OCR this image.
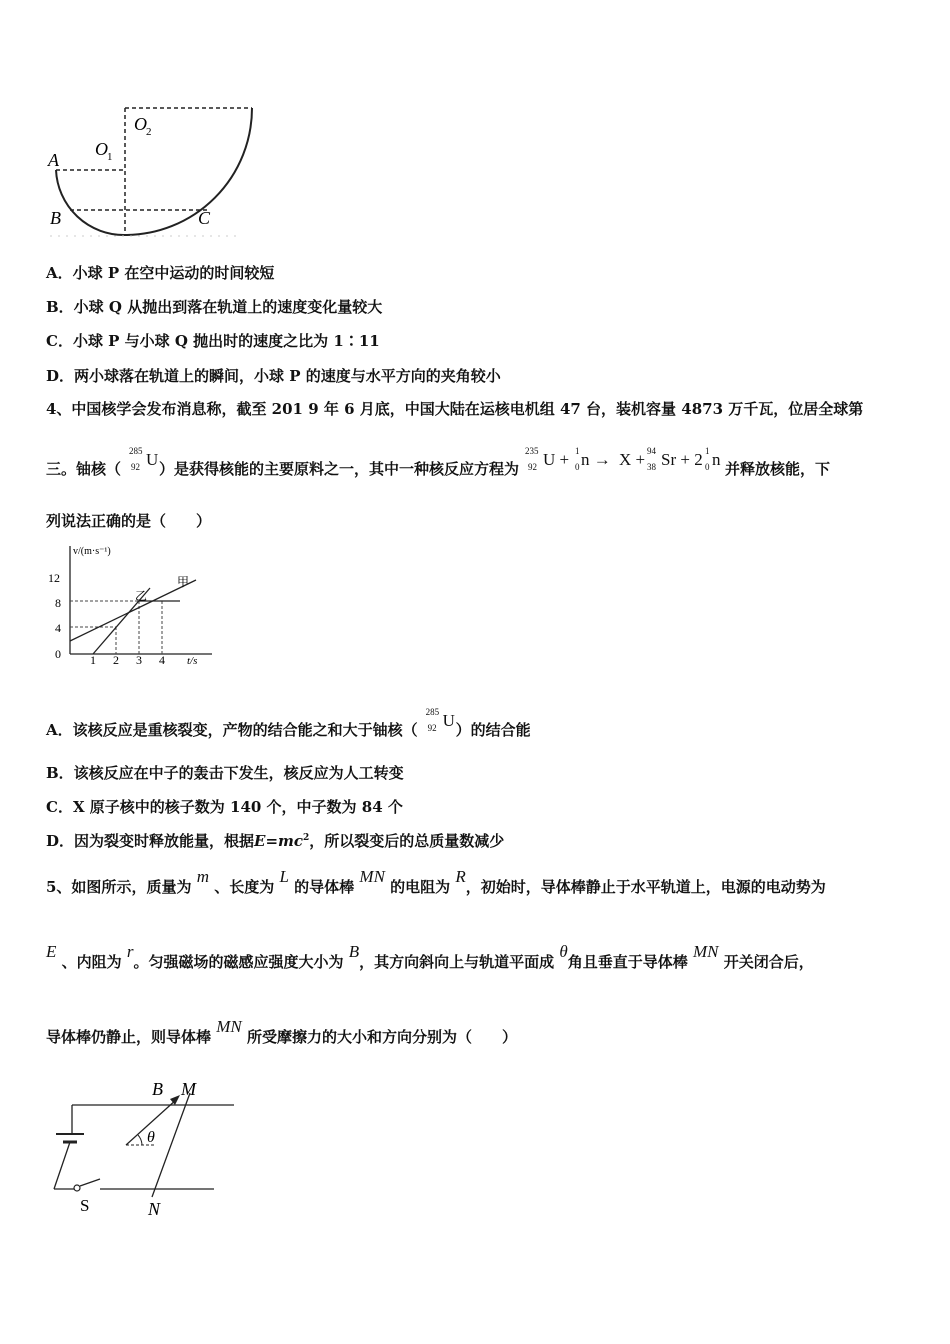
O 2
O 1
A
B	C
A．小球 P 在空中运动的时间较短
B．小球 Q 从抛出到落在轨道上的速度变化量较大
C．小球 P 与小球 Q 抛出时的速度之比为 1∶11
D．两小球落在轨道上的瞬间，小球 P 的速度与水平方向的夹角较小
4、中国核学会发布消息称，截至 201 9 年 6 月底，中国大陆在运核电机组 47 台，装机容量 4873 万千瓦，位居全球第
三。铀核（
285
92 U ）是获得核能的主要原料之一，其中一种核反应方程为
235
92 U + 1
0 n → X + 94
38 Sr + 2 1
0 n 并释放核能，下
列说法正确的是（　　）
v/(m·s⁻¹)
t/s
12
8
4
0 1 2 3 4
甲
乙
A．该核反应是重核裂变，产物的结合能之和大于铀核（
285
92 U ）的结合能
B．该核反应在中子的轰击下发生，核反应为人工转变
C．X 原子核中的核子数为 140 个，中子数为 84 个
D．因为裂变时释放能量，根据$E=mc^2$，所以裂变后的总质量数减少
5、如图所示，质量为 m 、长度为 L 的导体棒 MN 的电阻为 R，初始时，导体棒静止于水平轨道上，电源的电动势为
E 、内阻为 r。匀强磁场的磁感应强度大小为 B，其方向斜向上与轨道平面成 θ角且垂直于导体棒 MN 开关闭合后，
导体棒仍静止，则导体棒 MN 所受摩擦力的大小和方向分别为（　　）
B M
θ
S	N
